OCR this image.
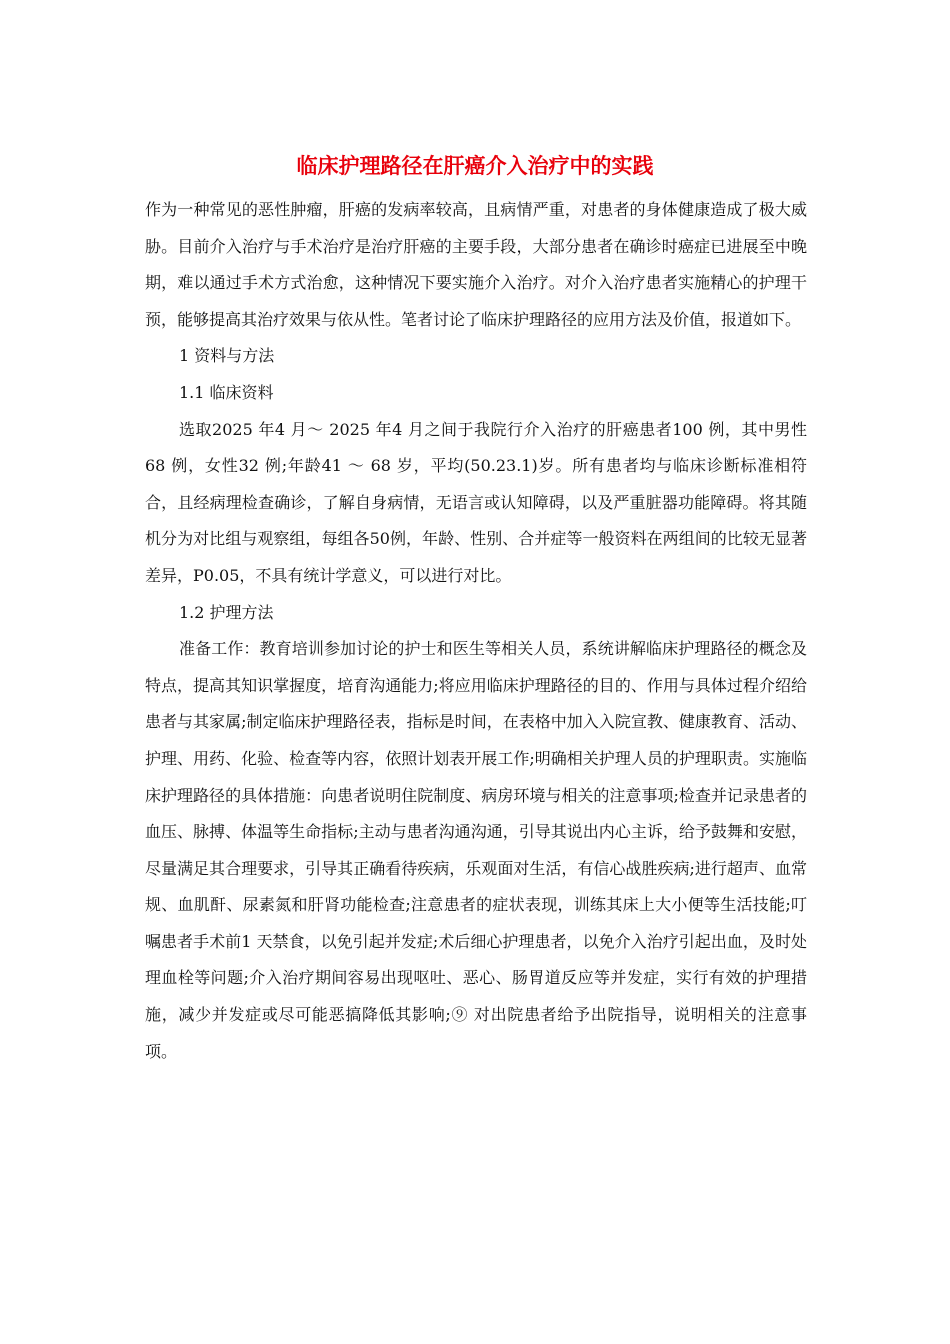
临床护理路径在肝癌介入治疗中的实践

作为一种常见的恶性肿瘤，肝癌的发病率较高，且病情严重，对患者的身体健康造成了极大威胁。目前介入治疗与手术治疗是治疗肝癌的主要手段，大部分患者在确诊时癌症已进展至中晚期，难以通过手术方式治愈，这种情况下要实施介入治疗。对介入治疗患者实施精心的护理干预，能够提高其治疗效果与依从性。笔者讨论了临床护理路径的应用方法及价值，报道如下。

1 资料与方法

1.1 临床资料

选取2025 年4 月～ 2025 年4 月之间于我院行介入治疗的肝癌患者100 例，其中男性68 例，女性32 例;年龄41 ～ 68 岁，平均(50.23.1)岁。所有患者均与临床诊断标准相符合，且经病理检查确诊，了解自身病情，无语言或认知障碍，以及严重脏器功能障碍。将其随机分为对比组与观察组，每组各50例，年龄、性别、合并症等一般资料在两组间的比较无显著差异，P0.05，不具有统计学意义，可以进行对比。

1.2 护理方法

准备工作：教育培训参加讨论的护士和医生等相关人员，系统讲解临床护理路径的概念及特点，提高其知识掌握度，培育沟通能力;将应用临床护理路径的目的、作用与具体过程介绍给患者与其家属;制定临床护理路径表，指标是时间，在表格中加入入院宣教、健康教育、活动、护理、用药、化验、检查等内容，依照计划表开展工作;明确相关护理人员的护理职责。实施临床护理路径的具体措施：向患者说明住院制度、病房环境与相关的注意事项;检查并记录患者的血压、脉搏、体温等生命指标;主动与患者沟通沟通，引导其说出内心主诉，给予鼓舞和安慰，尽量满足其合理要求，引导其正确看待疾病，乐观面对生活，有信心战胜疾病;进行超声、血常规、血肌酐、尿素氮和肝肾功能检查;注意患者的症状表现，训练其床上大小便等生活技能;叮嘱患者手术前1 天禁食，以免引起并发症;术后细心护理患者，以免介入治疗引起出血，及时处理血栓等问题;介入治疗期间容易出现呕吐、恶心、肠胃道反应等并发症，实行有效的护理措施，减少并发症或尽可能恶搞降低其影响;⑨ 对出院患者给予出院指导，说明相关的注意事项。
